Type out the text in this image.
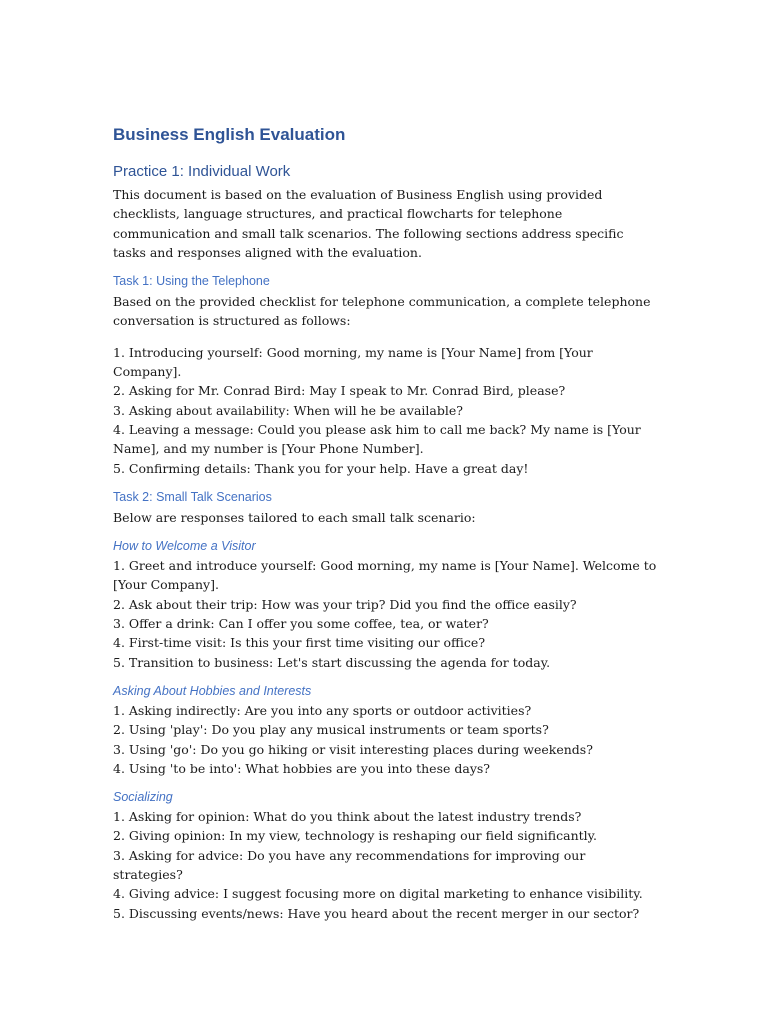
Business English Evaluation
Practice 1: Individual Work

This document is based on the evaluation of Business English using provided checklists, language structures, and practical flowcharts for telephone communication and small talk scenarios. The following sections address specific tasks and responses aligned with the evaluation.

Task 1: Using the Telephone

Based on the provided checklist for telephone communication, a complete telephone conversation is structured as follows:

1. Introducing yourself: Good morning, my name is [Your Name] from [Your Company].
2. Asking for Mr. Conrad Bird: May I speak to Mr. Conrad Bird, please?
3. Asking about availability: When will he be available?
4. Leaving a message: Could you please ask him to call me back? My name is [Your Name], and my number is [Your Phone Number].
5. Confirming details: Thank you for your help. Have a great day!
Task 2: Small Talk Scenarios

Below are responses tailored to each small talk scenario:

How to Welcome a Visitor
1. Greet and introduce yourself: Good morning, my name is [Your Name]. Welcome to [Your Company].
2. Ask about their trip: How was your trip? Did you find the office easily?
3. Offer a drink: Can I offer you some coffee, tea, or water?
4. First-time visit: Is this your first time visiting our office?
5. Transition to business: Let's start discussing the agenda for today.
Asking About Hobbies and Interests
1. Asking indirectly: Are you into any sports or outdoor activities?
2. Using 'play': Do you play any musical instruments or team sports?
3. Using 'go': Do you go hiking or visit interesting places during weekends?
4. Using 'to be into': What hobbies are you into these days?
Socializing
1. Asking for opinion: What do you think about the latest industry trends?
2. Giving opinion: In my view, technology is reshaping our field significantly.
3. Asking for advice: Do you have any recommendations for improving our strategies?
4. Giving advice: I suggest focusing more on digital marketing to enhance visibility.
5. Discussing events/news: Have you heard about the recent merger in our sector?
